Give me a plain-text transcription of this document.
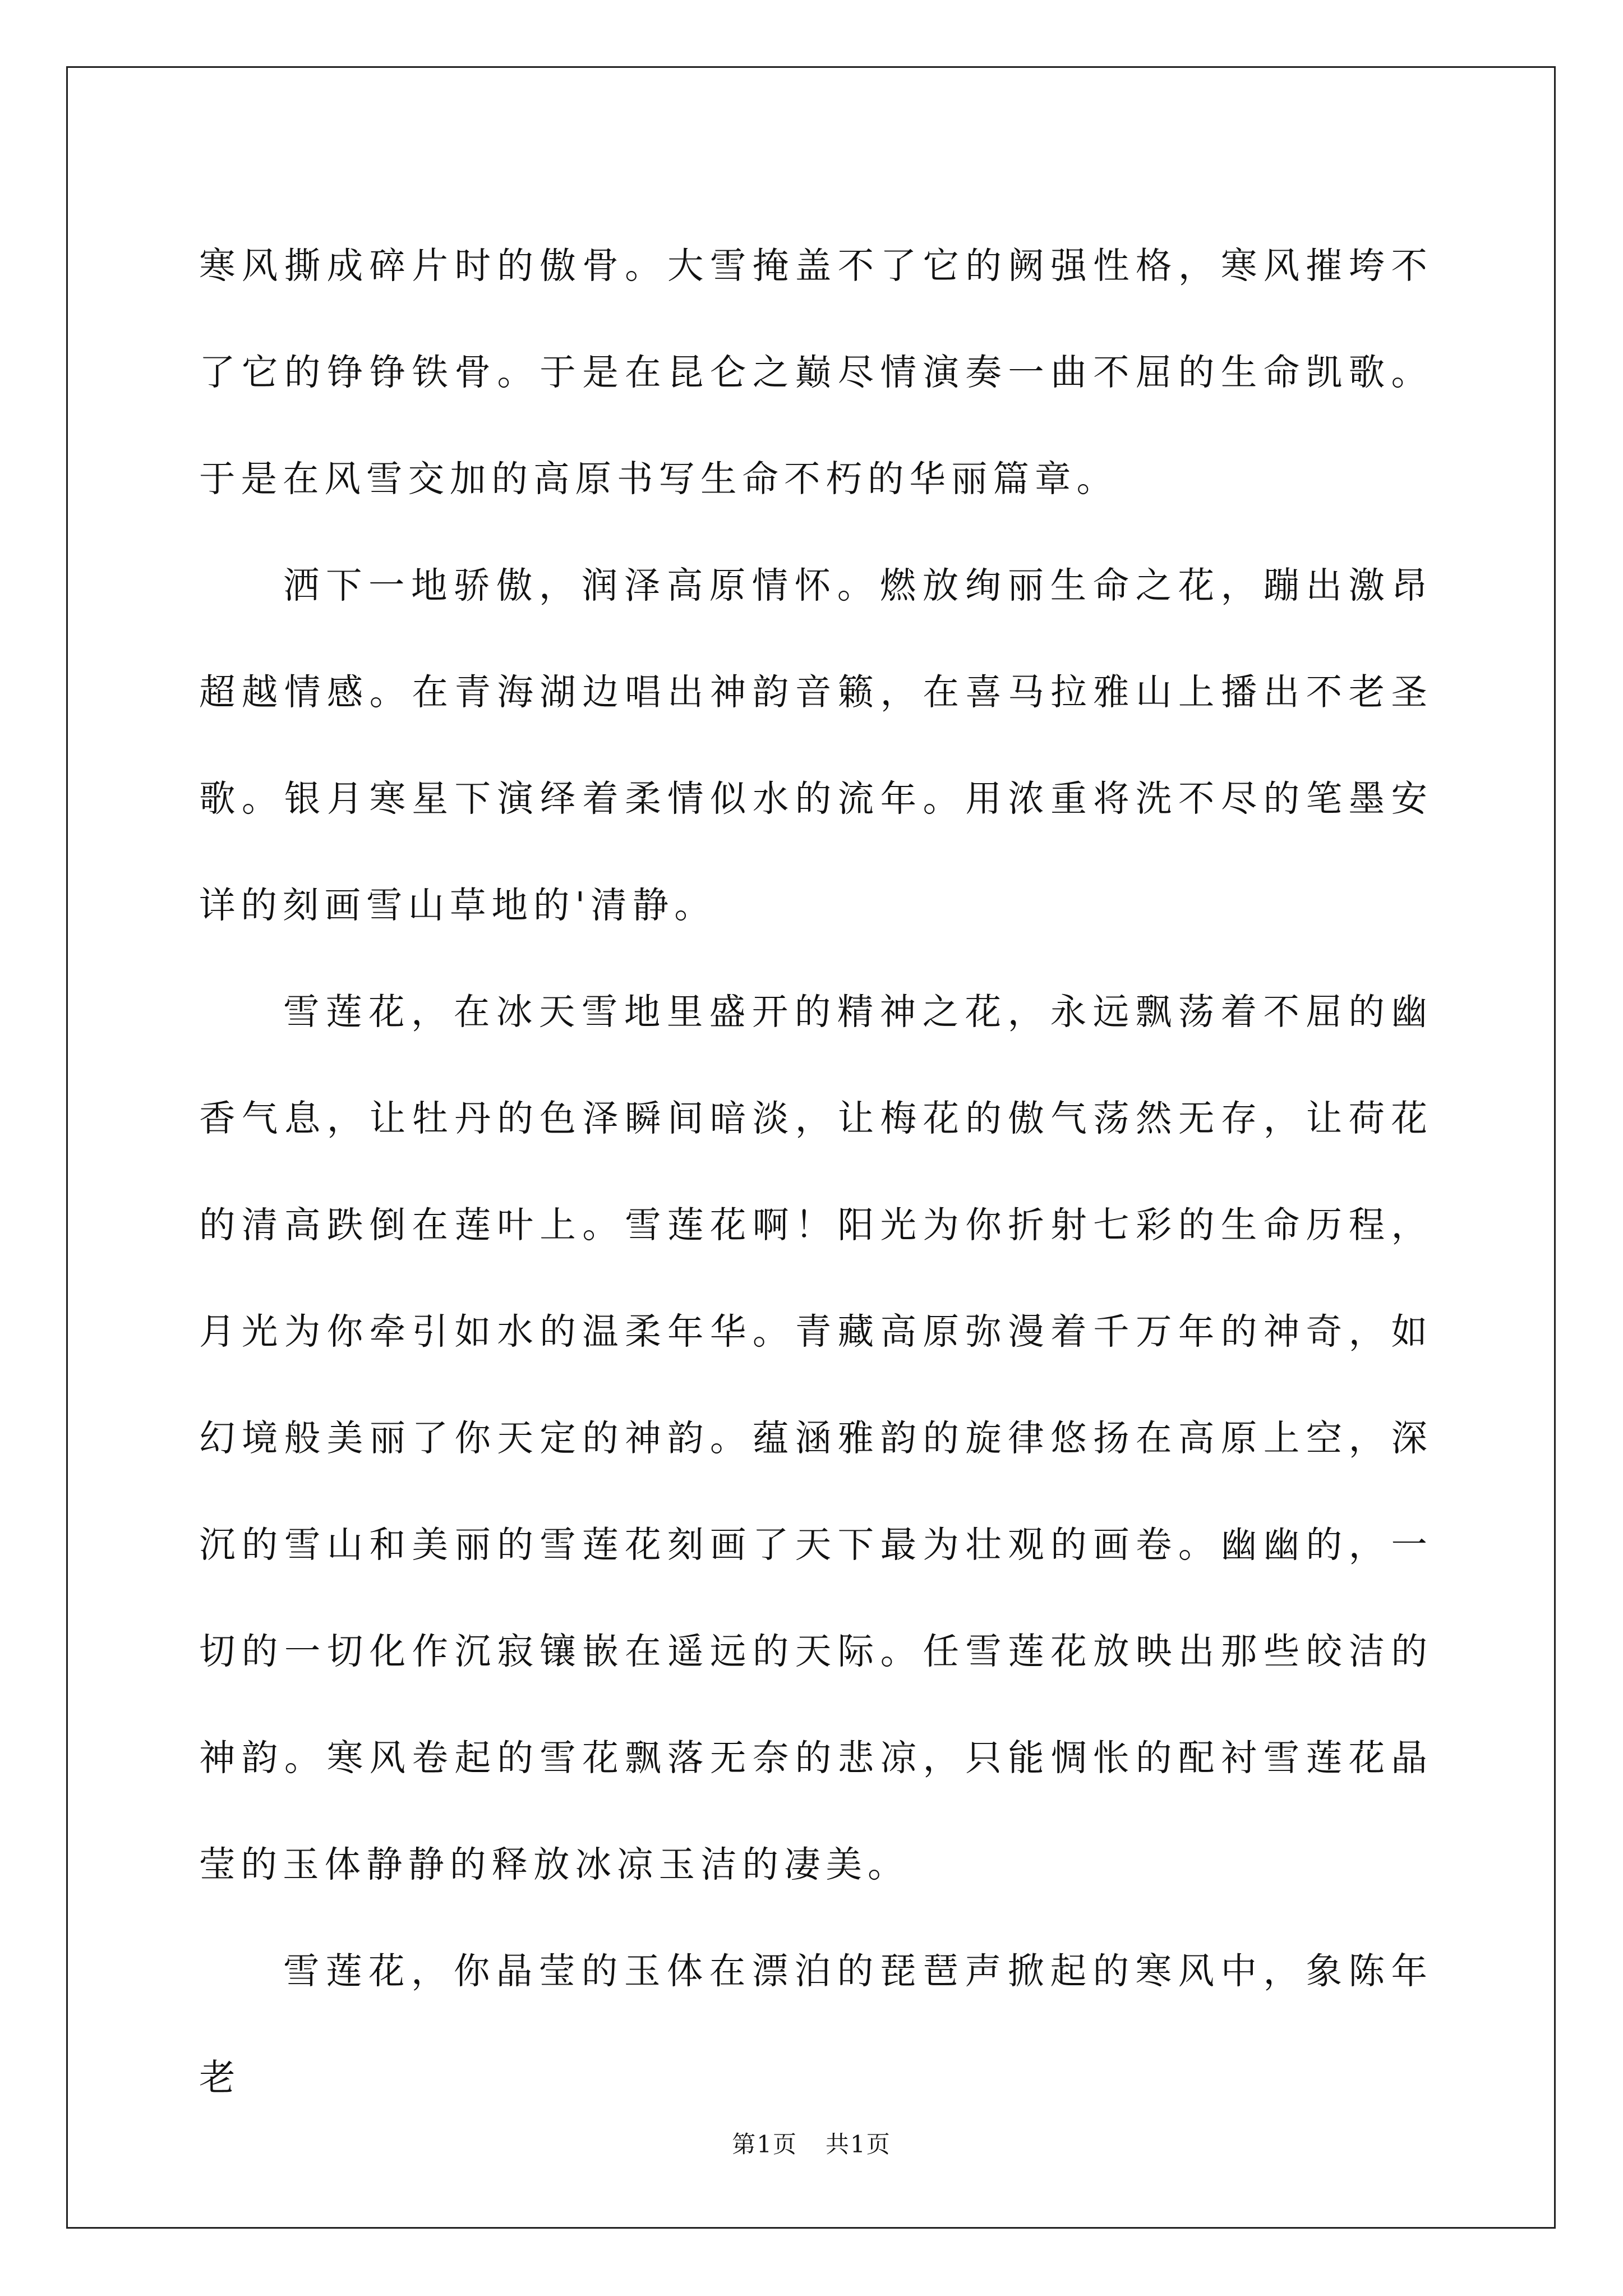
寒风撕成碎片时的傲骨。大雪掩盖不了它的阙强性格，寒风摧垮不了它的铮铮铁骨。于是在昆仑之巅尽情演奏一曲不屈的生命凯歌。于是在风雪交加的高原书写生命不朽的华丽篇章。

洒下一地骄傲，润泽高原情怀。燃放绚丽生命之花，蹦出激昂超越情感。在青海湖边唱出神韵音籁，在喜马拉雅山上播出不老圣歌。银月寒星下演绎着柔情似水的流年。用浓重将洗不尽的笔墨安详的刻画雪山草地的'清静。

雪莲花，在冰天雪地里盛开的精神之花，永远飘荡着不屈的幽香气息，让牡丹的色泽瞬间暗淡，让梅花的傲气荡然无存，让荷花的清高跌倒在莲叶上。雪莲花啊！阳光为你折射七彩的生命历程，月光为你牵引如水的温柔年华。青藏高原弥漫着千万年的神奇，如幻境般美丽了你天定的神韵。蕴涵雅韵的旋律悠扬在高原上空，深沉的雪山和美丽的雪莲花刻画了天下最为壮观的画卷。幽幽的，一切的一切化作沉寂镶嵌在遥远的天际。任雪莲花放映出那些皎洁的神韵。寒风卷起的雪花飘落无奈的悲凉，只能惆怅的配衬雪莲花晶莹的玉体静静的释放冰凉玉洁的凄美。

雪莲花，你晶莹的玉体在漂泊的琵琶声掀起的寒风中，象陈年老

第1页 共1页
